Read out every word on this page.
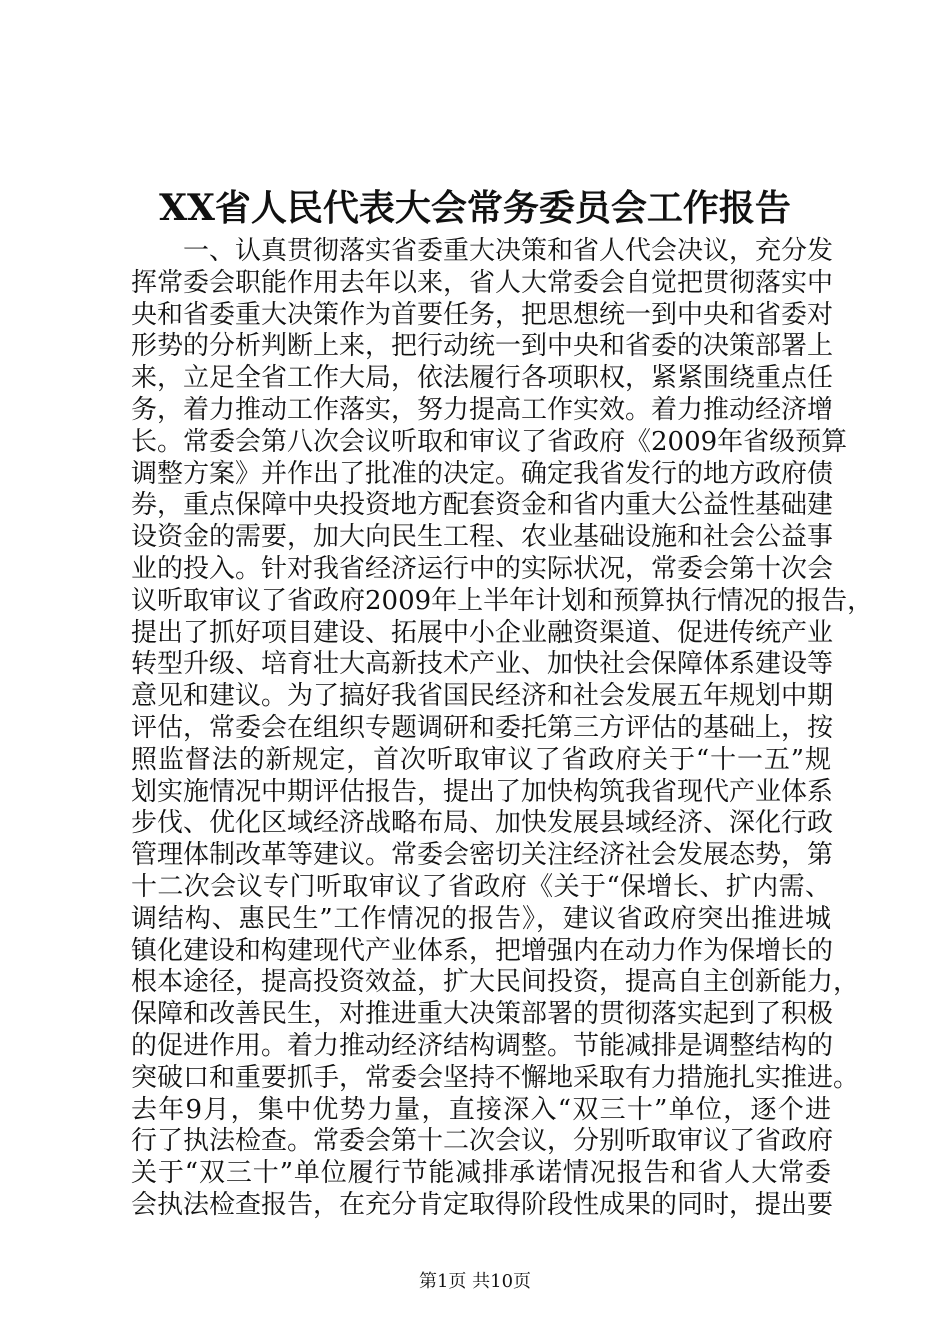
XX省人民代表大会常务委员会工作报告
　　一、认真贯彻落实省委重大决策和省人代会决议，充分发
挥常委会职能作用去年以来，省人大常委会自觉把贯彻落实中
央和省委重大决策作为首要任务，把思想统一到中央和省委对
形势的分析判断上来，把行动统一到中央和省委的决策部署上
来，立足全省工作大局，依法履行各项职权，紧紧围绕重点任
务，着力推动工作落实，努力提高工作实效。着力推动经济增
长。常委会第八次会议听取和审议了省政府《2009年省级预算
调整方案》并作出了批准的决定。确定我省发行的地方政府债
券，重点保障中央投资地方配套资金和省内重大公益性基础建
设资金的需要，加大向民生工程、农业基础设施和社会公益事
业的投入。针对我省经济运行中的实际状况，常委会第十次会
议听取审议了省政府2009年上半年计划和预算执行情况的报告，
提出了抓好项目建设、拓展中小企业融资渠道、促进传统产业
转型升级、培育壮大高新技术产业、加快社会保障体系建设等
意见和建议。为了搞好我省国民经济和社会发展五年规划中期
评估，常委会在组织专题调研和委托第三方评估的基础上，按
照监督法的新规定，首次听取审议了省政府关于“十一五”规
划实施情况中期评估报告，提出了加快构筑我省现代产业体系
步伐、优化区域经济战略布局、加快发展县域经济、深化行政
管理体制改革等建议。常委会密切关注经济社会发展态势，第
十二次会议专门听取审议了省政府《关于“保增长、扩内需、
调结构、惠民生”工作情况的报告》，建议省政府突出推进城
镇化建设和构建现代产业体系，把增强内在动力作为保增长的
根本途径，提高投资效益，扩大民间投资，提高自主创新能力，
保障和改善民生，对推进重大决策部署的贯彻落实起到了积极
的促进作用。着力推动经济结构调整。节能减排是调整结构的
突破口和重要抓手，常委会坚持不懈地采取有力措施扎实推进。
去年9月，集中优势力量，直接深入“双三十”单位，逐个进
行了执法检查。常委会第十二次会议，分别听取审议了省政府
关于“双三十”单位履行节能减排承诺情况报告和省人大常委
会执法检查报告，在充分肯定取得阶段性成果的同时，提出要
第1页 共10页
